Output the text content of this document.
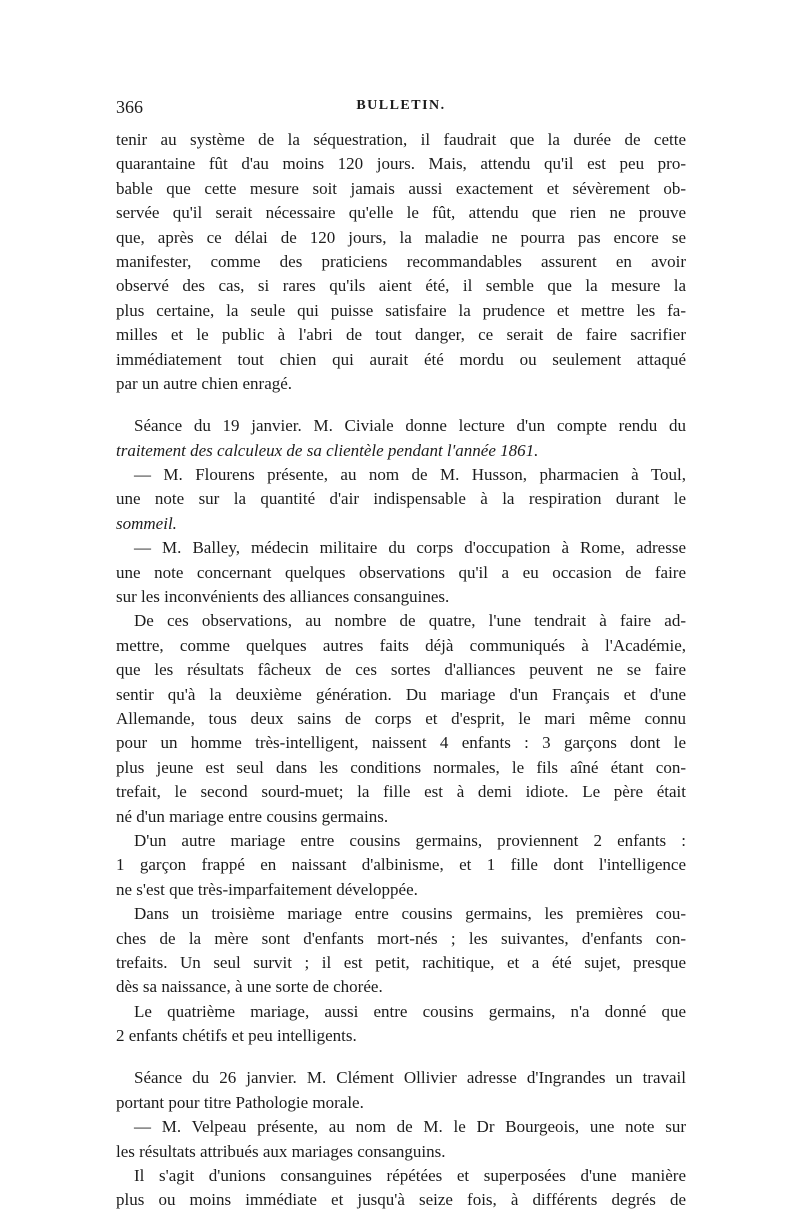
366	BULLETIN.
tenir au système de la séquestration, il faudrait que la durée de cette
quarantaine fût d'au moins 120 jours. Mais, attendu qu'il est peu pro-
bable que cette mesure soit jamais aussi exactement et sévèrement ob-
servée qu'il serait nécessaire qu'elle le fût, attendu que rien ne prouve
que, après ce délai de 120 jours, la maladie ne pourra pas encore se
manifester, comme des praticiens recommandables assurent en avoir
observé des cas, si rares qu'ils aient été, il semble que la mesure la
plus certaine, la seule qui puisse satisfaire la prudence et mettre les fa-
milles et le public à l'abri de tout danger, ce serait de faire sacrifier
immédiatement tout chien qui aurait été mordu ou seulement attaqué
par un autre chien enragé.
Séance du 19 janvier. M. Civiale donne lecture d'un compte rendu du
traitement des calculeux de sa clientèle pendant l'année 1861.
— M. Flourens présente, au nom de M. Husson, pharmacien à Toul,
une note sur la quantité d'air indispensable à la respiration durant le
sommeil.
— M. Balley, médecin militaire du corps d'occupation à Rome, adresse
une note concernant quelques observations qu'il a eu occasion de faire
sur les inconvénients des alliances consanguines.
De ces observations, au nombre de quatre, l'une tendrait à faire ad-
mettre, comme quelques autres faits déjà communiqués à l'Académie,
que les résultats fâcheux de ces sortes d'alliances peuvent ne se faire
sentir qu'à la deuxième génération. Du mariage d'un Français et d'une
Allemande, tous deux sains de corps et d'esprit, le mari même connu
pour un homme très-intelligent, naissent 4 enfants : 3 garçons dont le
plus jeune est seul dans les conditions normales, le fils aîné étant con-
trefait, le second sourd-muet; la fille est à demi idiote. Le père était
né d'un mariage entre cousins germains.
D'un autre mariage entre cousins germains, proviennent 2 enfants :
1 garçon frappé en naissant d'albinisme, et 1 fille dont l'intelligence
ne s'est que très-imparfaitement développée.
Dans un troisième mariage entre cousins germains, les premières cou-
ches de la mère sont d'enfants mort-nés ; les suivantes, d'enfants con-
trefaits. Un seul survit ; il est petit, rachitique, et a été sujet, presque
dès sa naissance, à une sorte de chorée.
Le quatrième mariage, aussi entre cousins germains, n'a donné que
2 enfants chétifs et peu intelligents.
Séance du 26 janvier. M. Clément Ollivier adresse d'Ingrandes un travail
portant pour titre Pathologie morale.
— M. Velpeau présente, au nom de M. le Dr Bourgeois, une note sur
les résultats attribués aux mariages consanguins.
Il s'agit d'unions consanguines répétées et superposées d'une manière
plus ou moins immédiate et jusqu'à seize fois, à différents degrés de
